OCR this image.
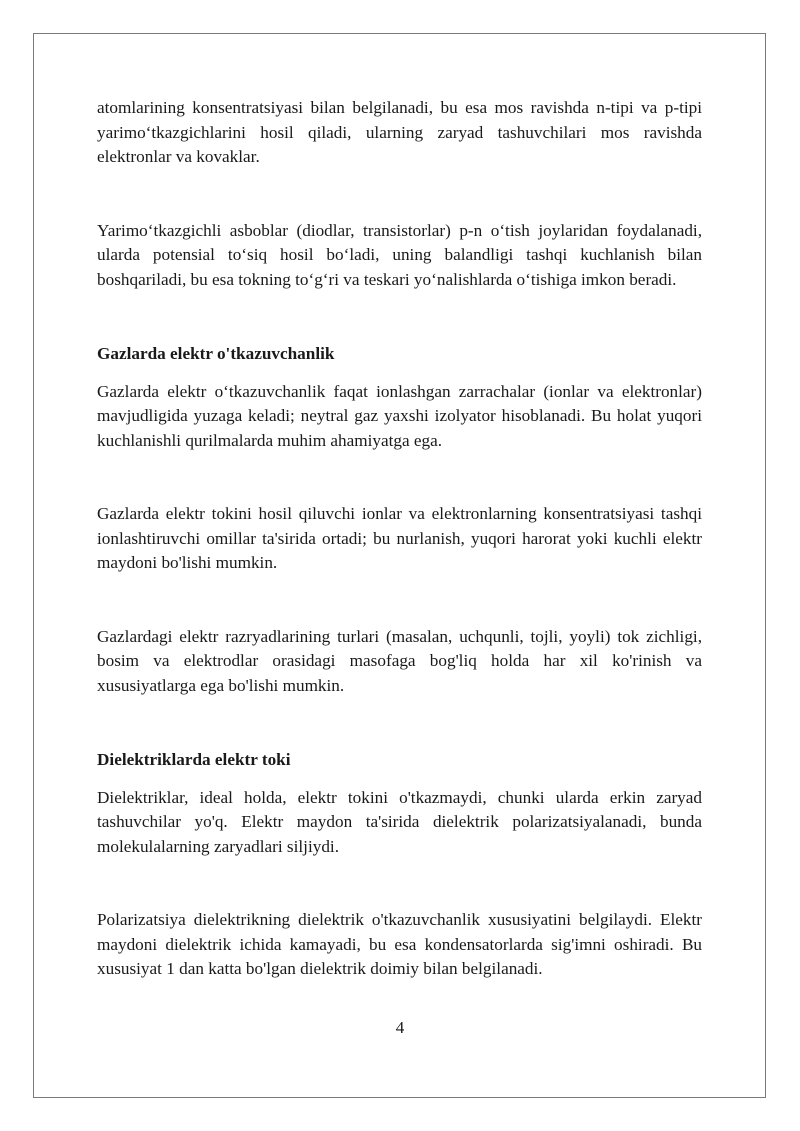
atomlarining konsentratsiyasi bilan belgilanadi, bu esa mos ravishda n-tipi va p-tipi yarimoʻtkazgichlarini hosil qiladi, ularning zaryad tashuvchilari mos ravishda elektronlar va kovaklar.

Yarimoʻtkazgichli asboblar (diodlar, transistorlar) p-n oʻtish joylaridan foydalanadi, ularda potensial toʻsiq hosil boʻladi, uning balandligi tashqi kuchlanish bilan boshqariladi, bu esa tokning toʻgʻri va teskari yoʻnalishlarda oʻtishiga imkon beradi.

Gazlarda elektr o'tkazuvchanlik

Gazlarda elektr oʻtkazuvchanlik faqat ionlashgan zarrachalar (ionlar va elektronlar) mavjudligida yuzaga keladi; neytral gaz yaxshi izolyator hisoblanadi. Bu holat yuqori kuchlanishli qurilmalarda muhim ahamiyatga ega.

Gazlarda elektr tokini hosil qiluvchi ionlar va elektronlarning konsentratsiyasi tashqi ionlashtiruvchi omillar ta'sirida ortadi; bu nurlanish, yuqori harorat yoki kuchli elektr maydoni bo'lishi mumkin.

Gazlardagi elektr razryadlarining turlari (masalan, uchqunli, tojli, yoyli) tok zichligi, bosim va elektrodlar orasidagi masofaga bog'liq holda har xil ko'rinish va xususiyatlarga ega bo'lishi mumkin.

Dielektriklarda elektr toki

Dielektriklar, ideal holda, elektr tokini o'tkazmaydi, chunki ularda erkin zaryad tashuvchilar yo'q. Elektr maydon ta'sirida dielektrik polarizatsiyalanadi, bunda molekulalarning zaryadlari siljiydi.

Polarizatsiya dielektrikning dielektrik o'tkazuvchanlik xususiyatini belgilaydi. Elektr maydoni dielektrik ichida kamayadi, bu esa kondensatorlarda sig'imni oshiradi. Bu xususiyat 1 dan katta bo'lgan dielektrik doimiy bilan belgilanadi.

4
